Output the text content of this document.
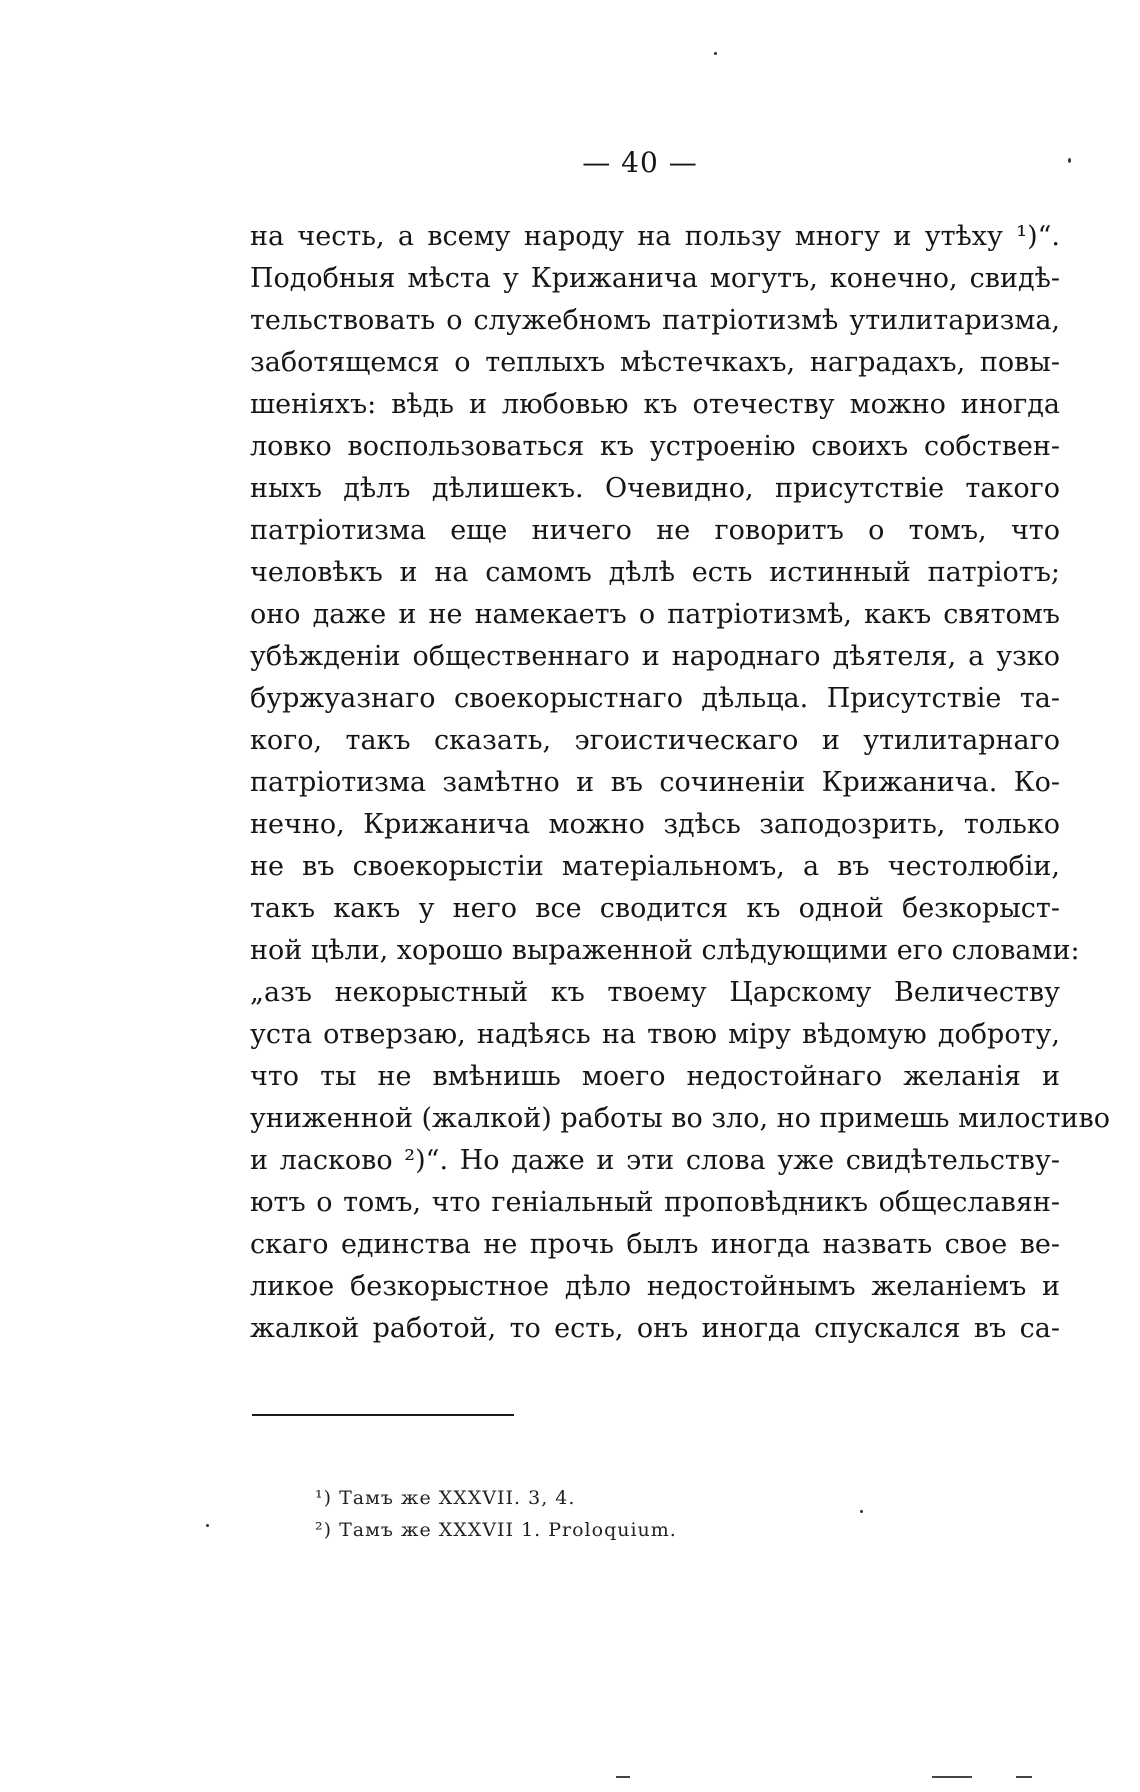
— 40 —
на честь, а всему народу на пользу многу и утѣху ¹)“.
Подобныя мѣста у Крижанича могутъ, конечно, свидѣ-
тельствовать о служебномъ патріотизмѣ утилитаризма,
заботящемся о теплыхъ мѣстечкахъ, наградахъ, повы-
шеніяхъ: вѣдь и любовью къ отечеству можно иногда
ловко воспользоваться къ устроенію своихъ собствен-
ныхъ дѣлъ дѣлишекъ. Очевидно, присутствіе такого
патріотизма еще ничего не говоритъ о томъ, что
человѣкъ и на самомъ дѣлѣ есть истинный патріотъ;
оно даже и не намекаетъ о патріотизмѣ, какъ святомъ
убѣжденіи общественнаго и народнаго дѣятеля, а узко
буржуазнаго своекорыстнаго дѣльца. Присутствіе та-
кого, такъ сказать, эгоистическаго и утилитарнаго
патріотизма замѣтно и въ сочиненіи Крижанича. Ко-
нечно, Крижанича можно здѣсь заподозрить, только
не въ своекорыстіи матеріальномъ, а въ честолюбіи,
такъ какъ у него все сводится къ одной безкорыст-
ной цѣли, хорошо выраженной слѣдующими его словами:
„азъ некорыстный къ твоему Царскому Величеству
уста отверзаю, надѣясь на твою міру вѣдомую доброту,
что ты не вмѣнишь моего недостойнаго желанія и
униженной (жалкой) работы во зло, но примешь милостиво
и ласково ²)“. Но даже и эти слова уже свидѣтельству-
ютъ о томъ, что геніальный проповѣдникъ общеславян-
скаго единства не прочь былъ иногда назвать свое ве-
ликое безкорыстное дѣло недостойнымъ желаніемъ и
жалкой работой, то есть, онъ иногда спускался въ са-
¹) Тамъ же XXXVII. 3, 4.
²) Тамъ же XXXVII 1. Proloquium.
